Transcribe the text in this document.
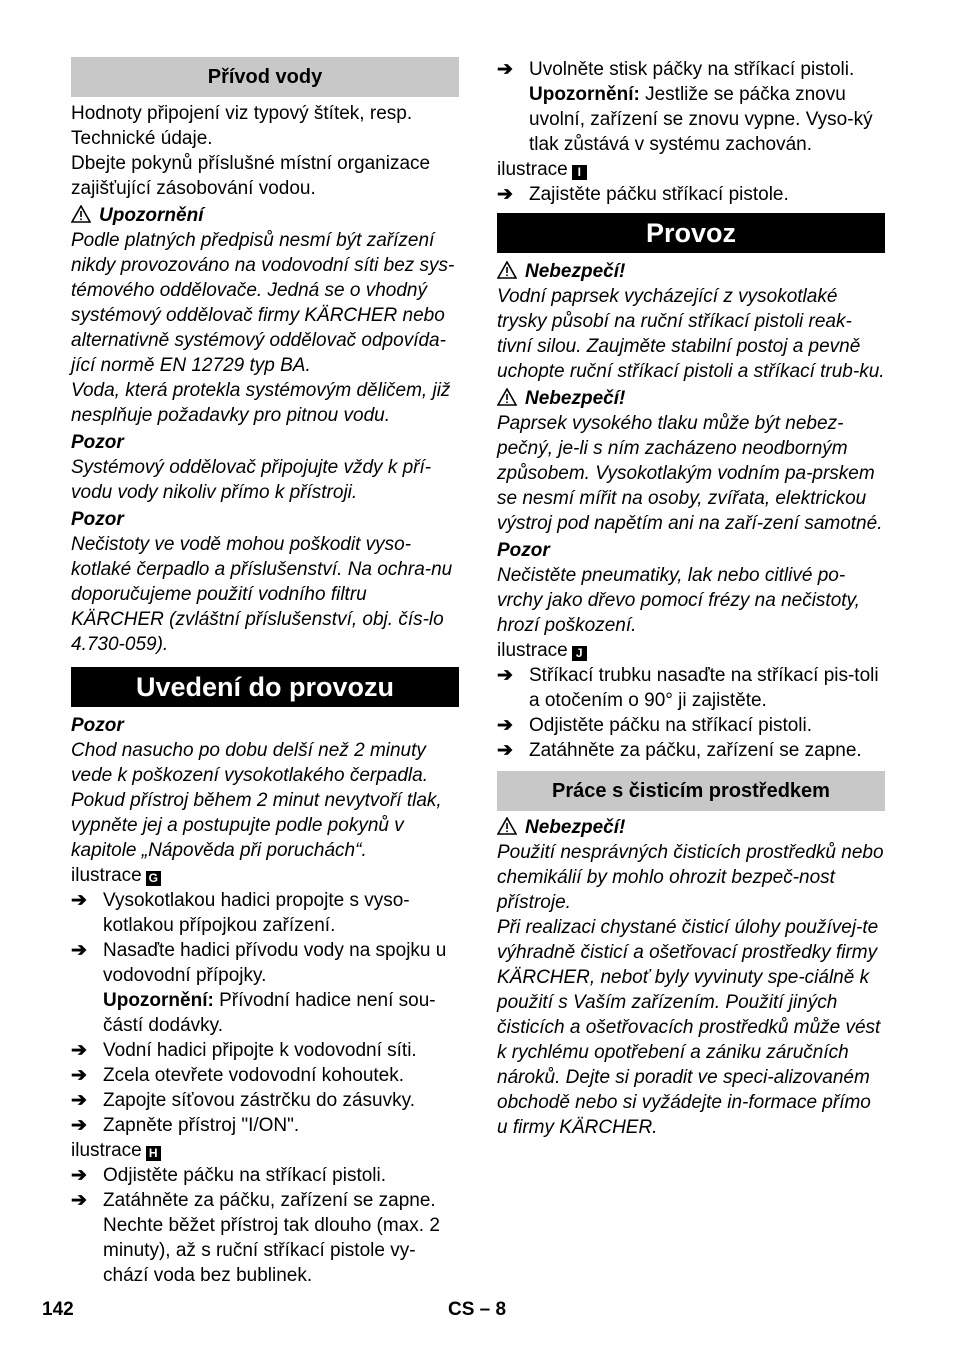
Přívod vody

Hodnoty připojení viz typový štítek, resp. Technické údaje.

Dbejte pokynů příslušné místní organizace zajišťující zásobování vodou.

Upozornění

Podle platných předpisů nesmí být zařízení nikdy provozováno na vodovodní síti bez sys-témového oddělovače. Jedná se o vhodný systémový oddělovač firmy KÄRCHER nebo alternativně systémový oddělovač odpovída-jící normě EN 12729 typ BA.

Voda, která protekla systémovým děličem, již nesplňuje požadavky pro pitnou vodu.

Pozor

Systémový oddělovač připojujte vždy k pří-vodu vody nikoliv přímo k přístroji.

Pozor

Nečistoty ve vodě mohou poškodit vyso-kotlaké čerpadlo a příslušenství. Na ochra-nu doporučujeme použití vodního filtru KÄRCHER (zvláštní příslušenství, obj. čís-lo 4.730-059).

Uvedení do provozu
Pozor

Chod nasucho po dobu delší než 2 minuty vede k poškození vysokotlakého čerpadla. Pokud přístroj během 2 minut nevytvoří tlak, vypněte jej a postupujte podle pokynů v kapitole „Nápověda při poruchách“.

ilustrace G

➔ Vysokotlakou hadici propojte s vyso-kotlakou přípojkou zařízení.
➔ Nasaďte hadici přívodu vody na spojku u vodovodní přípojky.
Upozornění: Přívodní hadice není sou-částí dodávky.
➔ Vodní hadici připojte k vodovodní síti.
➔ Zcela otevřete vodovodní kohoutek.
➔ Zapojte síťovou zástrčku do zásuvky.
➔ Zapněte přístroj "I/ON".

ilustrace H

➔ Odjistěte páčku na stříkací pistoli.
➔ Zatáhněte za páčku, zařízení se zapne. Nechte běžet přístroj tak dlouho (max. 2 minuty), až s ruční stříkací pistole vy-chází voda bez bublinek.
➔ Uvolněte stisk páčky na stříkací pistoli.
Upozornění: Jestliže se páčka znovu uvolní, zařízení se znovu vypne. Vyso-ký tlak zůstává v systému zachován.

ilustrace I

➔ Zajistěte páčku stříkací pistole.
Provoz
Nebezpečí!

Vodní paprsek vycházející z vysokotlaké trysky působí na ruční stříkací pistoli reak-tivní silou. Zaujměte stabilní postoj a pevně uchopte ruční stříkací pistoli a stříkací trub-ku.

Nebezpečí!

Paprsek vysokého tlaku může být nebez-pečný, je-li s ním zacházeno neodborným způsobem. Vysokotlakým vodním pa-prskem se nesmí mířit na osoby, zvířata, elektrickou výstroj pod napětím ani na zaří-zení samotné.

Pozor

Nečistěte pneumatiky, lak nebo citlivé po-vrchy jako dřevo pomocí frézy na nečistoty, hrozí poškození.

ilustrace J

➔ Stříkací trubku nasaďte na stříkací pis-toli a otočením o 90° ji zajistěte.
➔ Odjistěte páčku na stříkací pistoli.
➔ Zatáhněte za páčku, zařízení se zapne.
Práce s čisticím prostředkem
Nebezpečí!

Použití nesprávných čisticích prostředků nebo chemikálií by mohlo ohrozit bezpeč-nost přístroje.

Při realizaci chystané čisticí úlohy používej-te výhradně čisticí a ošetřovací prostředky firmy KÄRCHER, neboť byly vyvinuty spe-ciálně k použití s Vaším zařízením. Použití jiných čisticích a ošetřovacích prostředků může vést k rychlému opotřebení a zániku záručních nároků. Dejte si poradit ve speci-alizovaném obchodě nebo si vyžádejte in-formace přímo u firmy KÄRCHER.

142	CS – 8
